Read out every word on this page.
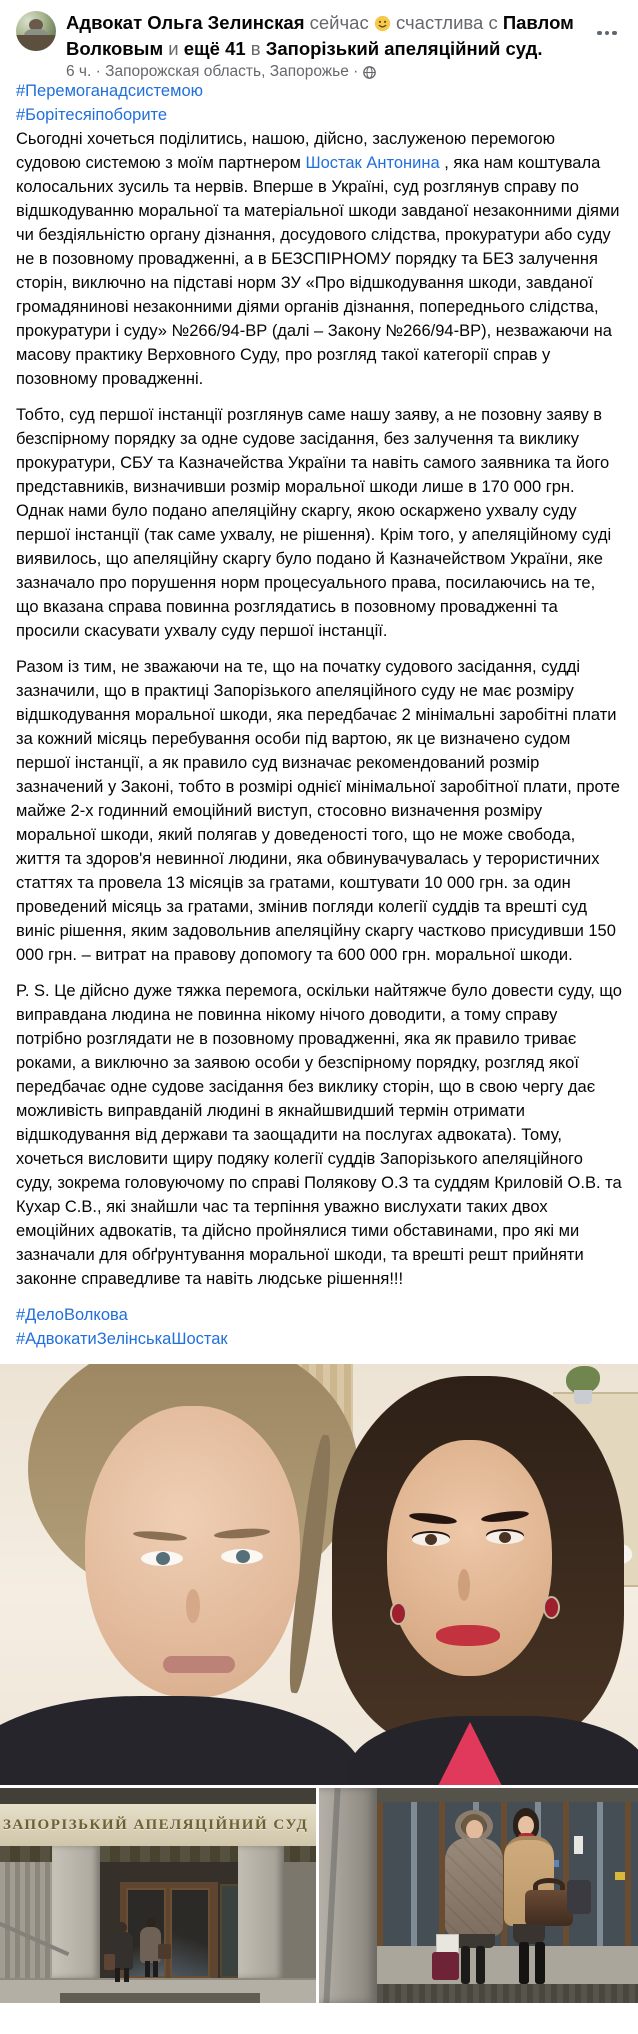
Адвокат Ольга Зелинская сейчас счастлива с Павлом Волковым и ещё 41 в Запорізький апеляційний суд.
6 ч. · Запорожская область, Запорожье ·

#Перемоганадсистемою
#Борітесяіпоборите
Сьогодні хочеться поділитись, нашою, дійсно, заслуженою перемогою судовою системою з моїм партнером Шостак Антонина , яка нам коштувала колосальних зусиль та нервів. Вперше в Україні, суд розглянув справу по відшкодуванню моральної та матеріальної шкоди завданої незаконними діями чи бездіяльністю органу дізнання, досудового слідства, прокуратури або суду не в позовному провадженні, а в БЕЗСПІРНОМУ порядку та БЕЗ залучення сторін, виключно на підставі норм ЗУ «Про відшкодування шкоди, завданої громадянинові незаконними діями органів дізнання, попереднього слідства, прокуратури і суду» №266/94-ВР (далі – Закону №266/94-ВР), незважаючи на масову практику Верховного Суду, про розгляд такої категорії справ у позовному провадженні.

Тобто, суд першої інстанції розглянув саме нашу заяву, а не позовну заяву в безспірному порядку за одне судове засідання, без залучення та виклику прокуратури, СБУ та Казначейства України та навіть самого заявника та його представників, визначивши розмір моральної шкоди лише в 170 000 грн. Однак нами було подано апеляційну скаргу, якою оскаржено ухвалу суду першої інстанції (так саме ухвалу, не рішення). Крім того, у апеляційному суді виявилось, що апеляційну скаргу було подано й Казначейством України, яке зазначало про порушення норм процесуального права, посилаючись на те, що вказана справа повинна розглядатись в позовному провадженні та просили скасувати ухвалу суду першої інстанції.

Разом із тим, не зважаючи на те, що на початку судового засідання, судді зазначили, що в практиці Запорізького апеляційного суду не має розміру відшкодування моральної шкоди, яка передбачає 2 мінімальні заробітні плати за кожний місяць перебування особи під вартою, як це визначено судом першої інстанції, а як правило суд визначає рекомендований розмір зазначений у Законі, тобто в розмірі однієї мінімальної заробітної плати, проте майже 2-х годинний емоційний виступ, стосовно визначення розміру моральної шкоди, який полягав у доведеності того, що не може свобода, життя та здоров'я невинної людини, яка обвинувачувалась у терористичних статтях та провела 13 місяців за гратами, коштувати 10 000 грн. за один проведений місяць за гратами, змінив погляди колегії суддів та врешті суд виніс рішення, яким задовольнив апеляційну скаргу частково присудивши 150 000 грн. – витрат на правову допомогу та 600 000 грн. моральної шкоди.

P. S. Це дійсно дуже тяжка перемога, оскільки найтяжче було довести суду, що виправдана людина не повинна нікому нічого доводити, а тому справу потрібно розглядати не в позовному провадженні, яка як правило триває роками, а виключно за заявою особи у безспірному порядку, розгляд якої передбачає одне судове засідання без виклику сторін, що в свою чергу дає можливість виправданій людині в якнайшвидший термін отримати відшкодування від держави та заощадити на послугах адвоката). Тому, хочеться висловити щиру подяку колегії суддів Запорізького апеляційного суду, зокрема головуючому по справі Полякову О.З та суддям Криловій О.В. та Кухар С.В., які знайшли час та терпіння уважно вислухати таких двох емоційних адвокатів, та дійсно пройнялися тими обставинами, про які ми зазначали для обґрунтування моральної шкоди, та врешті решт прийняти законне справедливе та навіть людське рішення!!!

#ДелоВолкова
#АдвокатиЗелінськаШостак

ЗАПОРІЗЬКИЙ АПЕЛЯЦІЙНИЙ СУД
